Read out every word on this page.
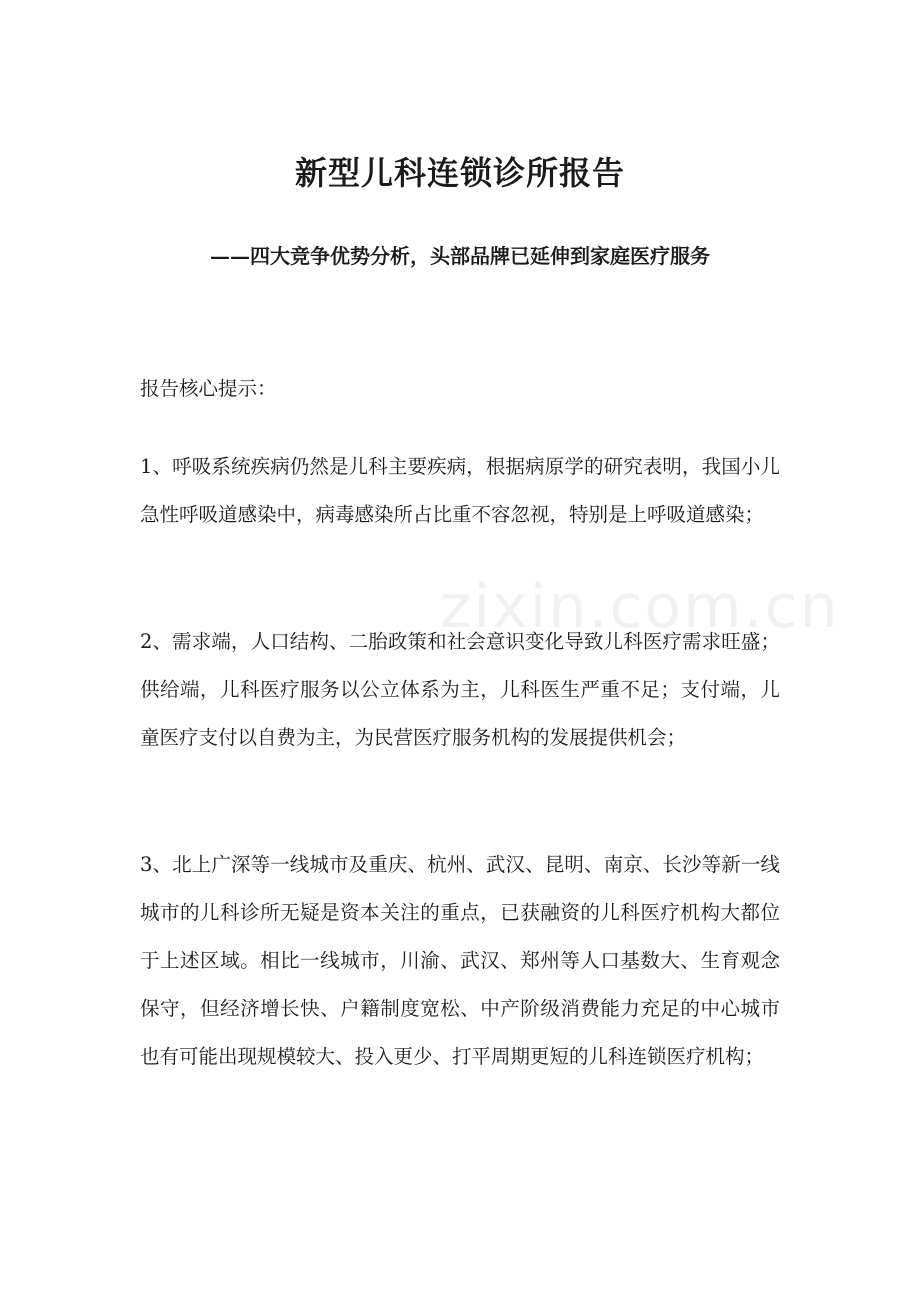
新型儿科连锁诊所报告
——四大竞争优势分析，头部品牌已延伸到家庭医疗服务
报告核心提示：
1、呼吸系统疾病仍然是儿科主要疾病，根据病原学的研究表明，我国小儿急性呼吸道感染中，病毒感染所占比重不容忽视，特别是上呼吸道感染；
2、需求端，人口结构、二胎政策和社会意识变化导致儿科医疗需求旺盛；供给端，儿科医疗服务以公立体系为主，儿科医生严重不足；支付端，儿童医疗支付以自费为主，为民营医疗服务机构的发展提供机会；
3、北上广深等一线城市及重庆、杭州、武汉、昆明、南京、长沙等新一线城市的儿科诊所无疑是资本关注的重点，已获融资的儿科医疗机构大都位于上述区域。相比一线城市，川渝、武汉、郑州等人口基数大、生育观念保守，但经济增长快、户籍制度宽松、中产阶级消费能力充足的中心城市也有可能出现规模较大、投入更少、打平周期更短的儿科连锁医疗机构；
zixin.com.cn
